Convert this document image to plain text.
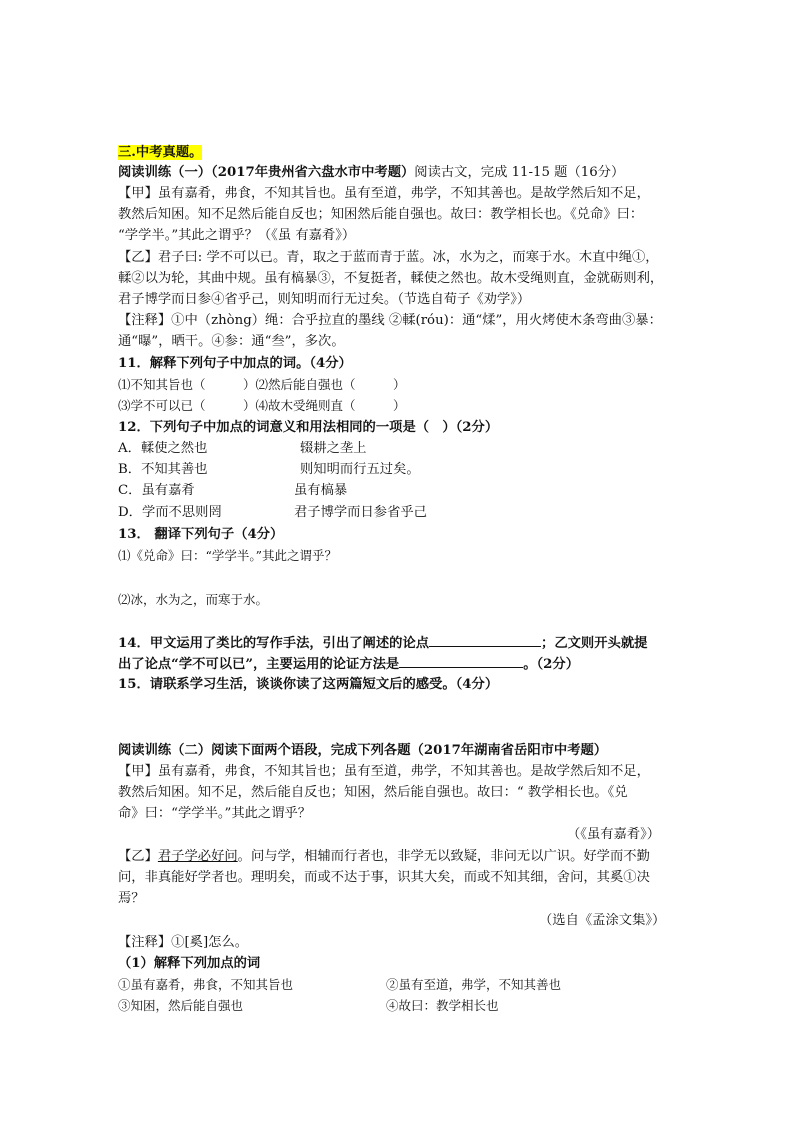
三.中考真题。
阅读训练（一）（2017年贵州省六盘水市中考题）阅读古文，完成 11-15 题（16分）
【甲】虽有嘉肴，弗食，不知其旨也。虽有至道，弗学，不知其善也。是故学然后知不足，
教然后知困。知不足然后能自反也；知困然后能自强也。故曰：教学相长也。《兑命》曰：
“学学半。”其此之谓乎？（《虽 有嘉肴》）
【乙】君子曰: 学不可以已。青，取之于蓝而青于蓝。冰，水为之，而寒于水。木直中绳①，
輮②以为轮，其曲中规。虽有槁暴③，不复挺者，輮使之然也。故木受绳则直，金就砺则利，
君子博学而日参④省乎己，则知明而行无过矣。（节选自荀子《劝学》）
【注释】①中（zhòng）绳：合乎拉直的墨线 ②輮(róu)：通“煣”，用火烤使木条弯曲③暴：
通“曝”，晒干。④参：通“叁”，多次。
11．解释下列句子中加点的词。（4分）
⑴不知其旨也（　　　）⑵然后能自强也（　　　）
⑶学不可以已（　　　）⑷故木受绳则直（　　　）
12．下列句子中加点的词意义和用法相同的一项是（　）（2分）
A．輮使之然也	辍耕之垄上
B．不知其善也	则知明而行五过矣。
C．虽有嘉肴	虽有槁暴
D．学而不思则罔	君子博学而日参省乎己
13． 翻译下列句子（4分）
⑴《兑命》曰：“学学半。”其此之谓乎？
⑵冰，水为之，而寒于水。
14．甲文运用了类比的写作手法，引出了阐述的论点	；乙文则开头就提
出了论点“学不可以已”，主要运用的论证方法是	。（2分）
15．请联系学习生活，谈谈你读了这两篇短文后的感受。（4分）
阅读训练（二）阅读下面两个语段，完成下列各题（2017年湖南省岳阳市中考题）
【甲】虽有嘉肴，弗食，不知其旨也；虽有至道，弗学，不知其善也。是故学然后知不足，
教然后知困。知不足，然后能自反也；知困，然后能自强也。故曰：“ 教学相长也。《兑
命》曰：“学学半。”其此之谓乎？
（《虽有嘉肴》）
【乙】君子学必好问。问与学，相辅而行者也，非学无以致疑，非问无以广识。好学而不勤
问，非真能好学者也。理明矣，而或不达于事，识其大矣，而或不知其细，舍问，其奚①决
焉？
（选自《孟涂文集》）
【注释】①[奚]怎么。
（1）解释下列加点的词
①虽有嘉肴，弗食，不知其旨也	②虽有至道，弗学，不知其善也
③知困，然后能自强也	④故曰：教学相长也
